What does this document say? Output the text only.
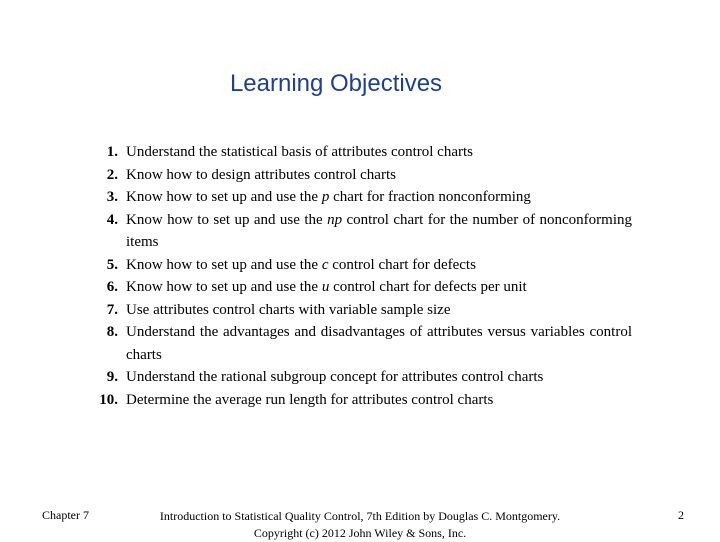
Learning Objectives
1. Understand the statistical basis of attributes control charts
2. Know how to design attributes control charts
3. Know how to set up and use the p chart for fraction nonconforming
4. Know how to set up and use the np control chart for the number of nonconforming items
5. Know how to set up and use the c control chart for defects
6. Know how to set up and use the u control chart for defects per unit
7. Use attributes control charts with variable sample size
8. Understand the advantages and disadvantages of attributes versus variables control charts
9. Understand the rational subgroup concept for attributes control charts
10. Determine the average run length for attributes control charts
Chapter 7	Introduction to Statistical Quality Control, 7th Edition by Douglas C. Montgomery.
Copyright (c) 2012 John Wiley & Sons, Inc.
2
